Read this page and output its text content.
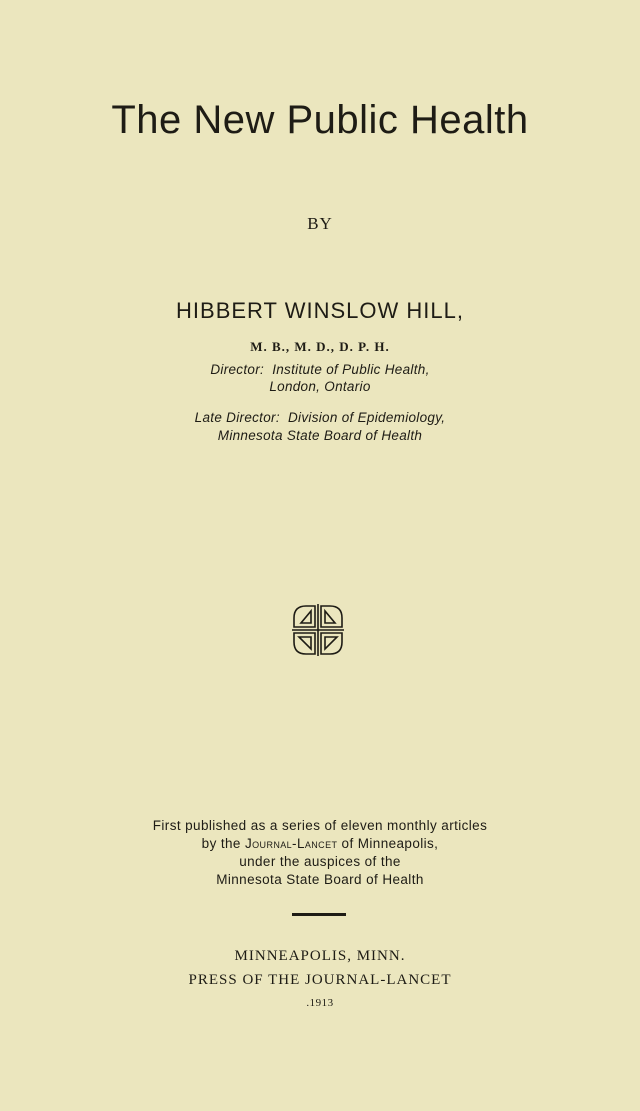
The New Public Health
BY
HIBBERT WINSLOW HILL,
M. B., M. D., D. P. H.
Director: Institute of Public Health,
London, Ontario
Late Director: Division of Epidemiology,
Minnesota State Board of Health
First published as a series of eleven monthly articles
by the Journal-Lancet of Minneapolis,
under the auspices of the
Minnesota State Board of Health
MINNEAPOLIS, MINN.
PRESS OF THE JOURNAL-LANCET
.1913
